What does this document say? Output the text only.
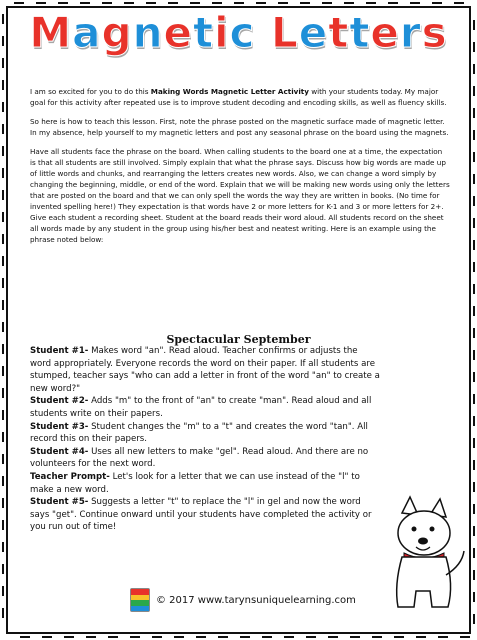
Magnetic Letters

I am so excited for you to do this Making Words Magnetic Letter Activity with your students today. My major goal for this activity after repeated use is to improve student decoding and encoding skills, as well as fluency skills.

So here is how to teach this lesson. First, note the phrase posted on the magnetic surface made of magnetic letter. In my absence, help yourself to my magnetic letters and post any seasonal phrase on the board using the magnets.

Have all students face the phrase on the board. When calling students to the board one at a time, the expectation is that all students are still involved. Simply explain that what the phrase says. Discuss how big words are made up of little words and chunks, and rearranging the letters creates new words. Also, we can change a word simply by changing the beginning, middle, or end of the word. Explain that we will be making new words using only the letters that are posted on the board and that we can only spell the words the way they are written in books. (No time for invented spelling here!) They expectation is that words have 2 or more letters for K-1 and 3 or more letters for 2+. Give each student a recording sheet. Student at the board reads their word aloud. All students record on the sheet all words made by any student in the group using his/her best and neatest writing. Here is an example using the phrase noted below:

Spectacular September
Student #1- Makes word "an". Read aloud. Teacher confirms or adjusts the word appropriately. Everyone records the word on their paper. If all students are stumped, teacher says "who can add a letter in front of the word "an" to create a new word?"
Student #2- Adds "m" to the front of "an" to create "man". Read aloud and all students write on their papers.
Student #3- Student changes the "m" to a "t" and creates the word "tan". All record this on their papers.
Student #4- Uses all new letters to make "gel". Read aloud. And there are no volunteers for the next word.
Teacher Prompt- Let's look for a letter that we can use instead of the "l" to make a new word.
Student #5- Suggests a letter "t" to replace the "l" in gel and now the word says "get". Continue onward until your students have completed the activity or you run out of time!
© 2017 www.tarynsuniquelearning.com
